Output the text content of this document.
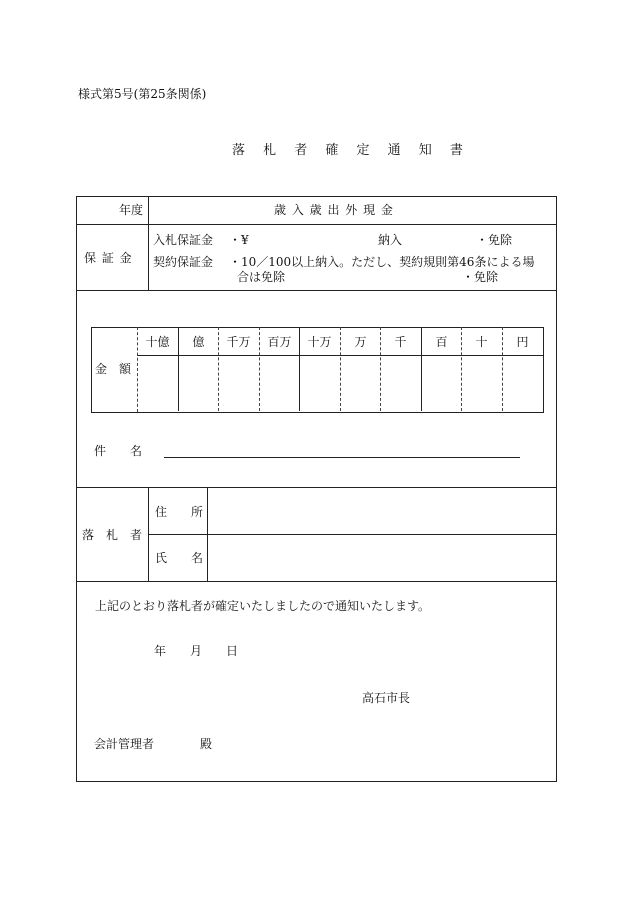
様式第5号(第25条関係)
落 札 者 確 定 通 知 書
年度	歳 入 歳 出 外 現 金
保 証 金
入札保証金 ・¥	納入	・免除
契約保証金 ・10／100以上納入。ただし、契約規則第46条による場
合は免除	・免除
金　額
十億	億	千万	百万	十万	万	千	百	十	円
件　　名
落　札　者
住　　所
氏　　名
上記のとおり落札者が確定いたしましたので通知いたします。
年 月 日
高石市長
会計管理者	殿
